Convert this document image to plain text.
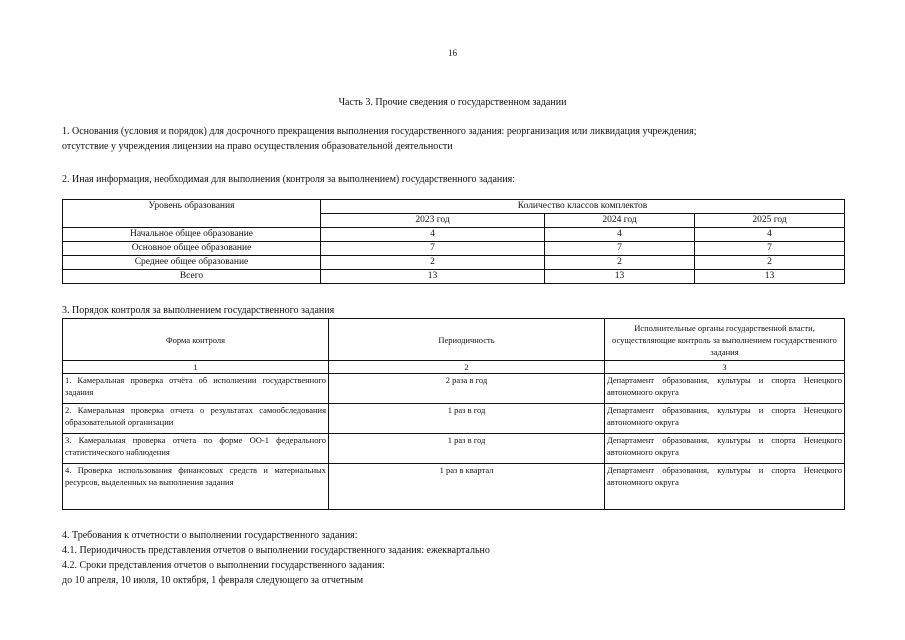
16
Часть 3. Прочие сведения о государственном задании
1. Основания (условия и порядок) для досрочного прекращения выполнения государственного задания: реорганизация или ликвидация учреждения;
отсутствие у учреждения лицензии на право осуществления образовательной деятельности
2. Иная информация, необходимая для выполнения (контроля за выполнением) государственного задания:
Уровень образования	Количество классов комплектов		
	2023 год	2024 год	2025 год
Начальное общее образование	4	4	4
Основное общее образование	7	7	7
Среднее общее образование	2	2	2
Всего	13	13	13
3. Порядок контроля за выполнением государственного задания
Форма контроля	Периодичность	Исполнительные органы государственной власти, осуществляющие контроль за выполнением государственного задания
1	2	3
1. Камеральная проверка отчёта об исполнении государственного задания	2 раза в год	Департамент образования, культуры и спорта Ненецкого автономного округа
2. Камеральная проверка отчета о результатах самообследования образовательной организации	1 раз в год	Департамент образования, культуры и спорта Ненецкого автономного округа
3. Камеральная проверка отчета по форме ОО-1 федерального статистического наблюдения	1 раз в год	Департамент образования, культуры и спорта Ненецкого автономного округа
4. Проверка использования финансовых средств и материальных ресурсов, выделенных на выполнения задания	1 раз в квартал	Департамент образования, культуры и спорта Ненецкого автономного округа
4. Требования к отчетности о выполнении государственного задания:
4.1. Периодичность представления отчетов о выполнении государственного задания: ежеквартально
4.2. Сроки представления отчетов о выполнении государственного задания:
до 10 апреля, 10 июля, 10 октября, 1 февраля следующего за отчетным
